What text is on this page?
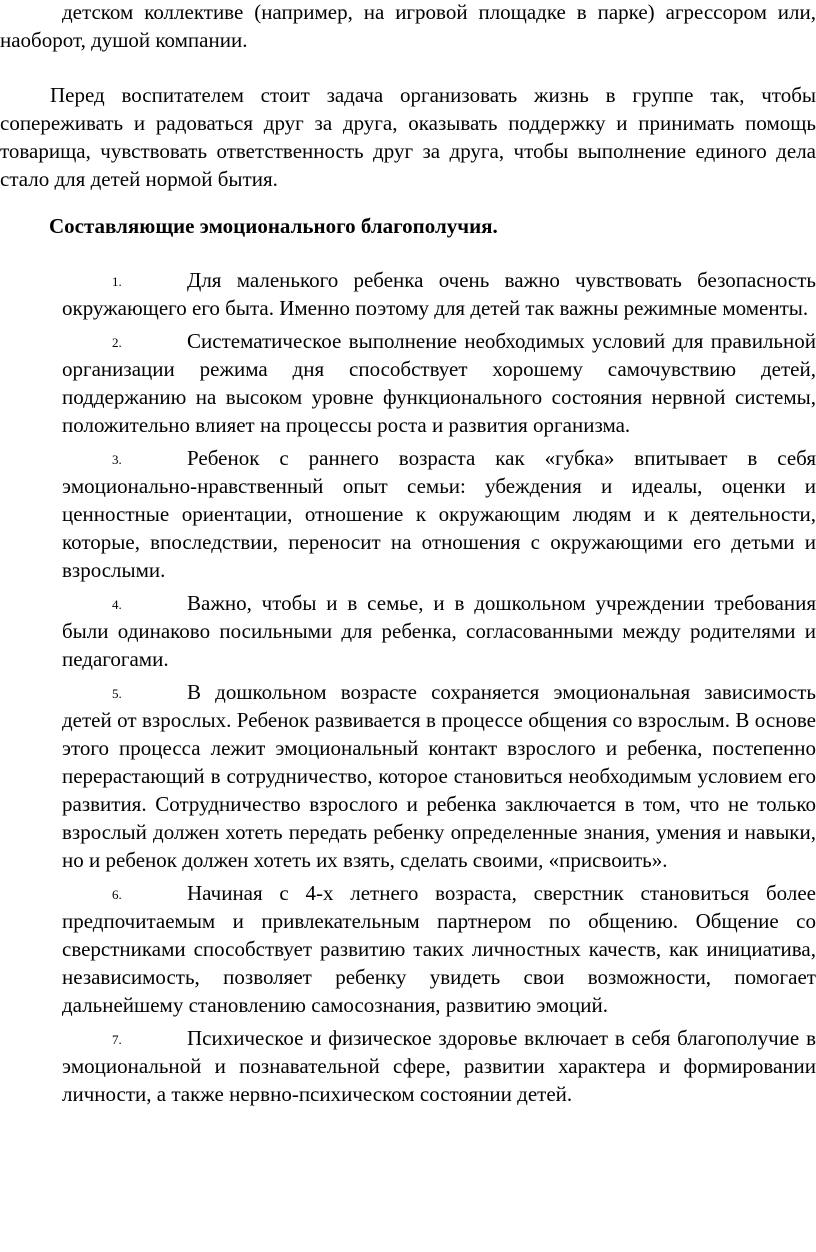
детском коллективе (например, на игровой площадке в парке) агрессором или, наоборот, душой компании.

Перед воспитателем стоит задача организовать жизнь в группе так, чтобы сопереживать и радоваться друг за друга, оказывать поддержку и принимать помощь товарища, чувствовать ответственность друг за друга, чтобы выполнение единого дела стало для детей нормой бытия.

Составляющие эмоционального благополучия.
1.	Для маленького ребенка очень важно чувствовать безопасность окружающего его быта. Именно поэтому для детей так важны режимные моменты.
2.	Систематическое выполнение необходимых условий для правильной организации режима дня способствует хорошему самочувствию детей, поддержанию на высоком уровне функционального состояния нервной системы, положительно влияет на процессы роста и развития организма.
3.	Ребенок с раннего возраста как «губка» впитывает в себя эмоционально-нравственный опыт семьи: убеждения и идеалы, оценки и ценностные ориентации, отношение к окружающим людям и к деятельности, которые, впоследствии, переносит на отношения с окружающими его детьми и взрослыми.
4.	Важно, чтобы и в семье, и в дошкольном учреждении требования были одинаково посильными для ребенка, согласованными между родителями и педагогами.
5.	В дошкольном возрасте сохраняется эмоциональная зависимость детей от взрослых. Ребенок развивается в процессе общения со взрослым. В основе этого процесса лежит эмоциональный контакт взрослого и ребенка, постепенно перерастающий в сотрудничество, которое становиться необходимым условием его развития. Сотрудничество взрослого и ребенка заключается в том, что не только взрослый должен хотеть передать ребенку определенные знания, умения и навыки, но и ребенок должен хотеть их взять, сделать своими, «присвоить».
6.	Начиная с 4-х летнего возраста, сверстник становиться более предпочитаемым и привлекательным партнером по общению. Общение со сверстниками способствует развитию таких личностных качеств, как инициатива, независимость, позволяет ребенку увидеть свои возможности, помогает дальнейшему становлению самосознания, развитию эмоций.
7.	Психическое и физическое здоровье включает в себя благополучие в эмоциональной и познавательной сфере, развитии характера и формировании личности, а также нервно-психическом состоянии детей.
